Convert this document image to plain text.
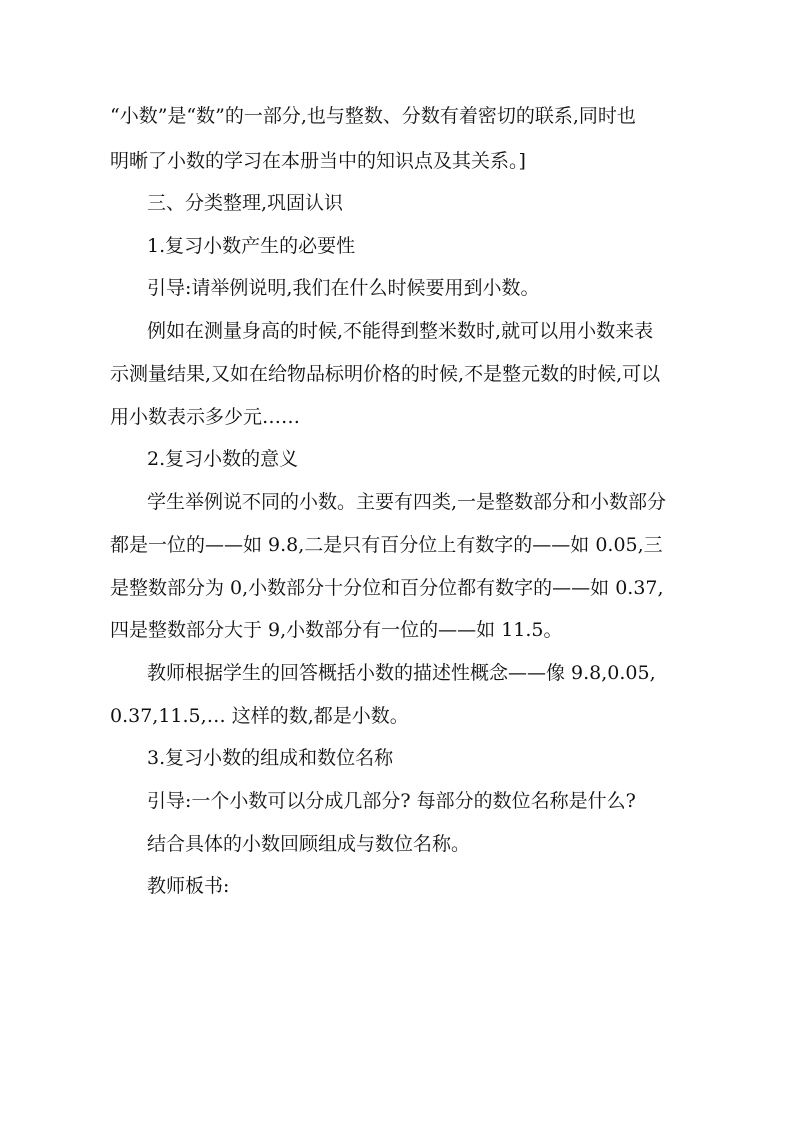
“小数”是“数”的一部分,也与整数、分数有着密切的联系,同时也
明晰了小数的学习在本册当中的知识点及其关系。]
三、分类整理,巩固认识
1.复习小数产生的必要性
引导:请举例说明,我们在什么时候要用到小数。
例如在测量身高的时候,不能得到整米数时,就可以用小数来表
示测量结果,又如在给物品标明价格的时候,不是整元数的时候,可以
用小数表示多少元……
2.复习小数的意义
学生举例说不同的小数。主要有四类,一是整数部分和小数部分
都是一位的——如 9.8,二是只有百分位上有数字的——如 0.05,三
是整数部分为 0,小数部分十分位和百分位都有数字的——如 0.37,
四是整数部分大于 9,小数部分有一位的——如 11.5。
教师根据学生的回答概括小数的描述性概念——像 9.8,0.05,
0.37,11.5,… 这样的数,都是小数。
3.复习小数的组成和数位名称
引导:一个小数可以分成几部分? 每部分的数位名称是什么?
结合具体的小数回顾组成与数位名称。
教师板书:
